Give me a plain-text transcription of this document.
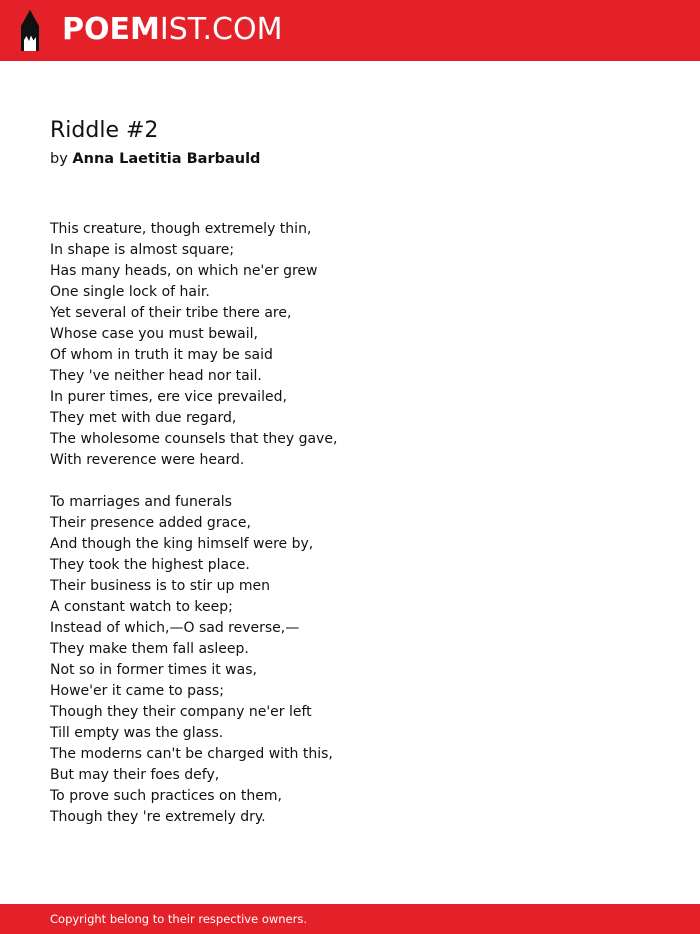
POEMIST.COM
Riddle #2
by Anna Laetitia Barbauld
This creature, though extremely thin,
In shape is almost square;
Has many heads, on which ne'er grew
One single lock of hair.
Yet several of their tribe there are,
Whose case you must bewail,
Of whom in truth it may be said
They 've neither head nor tail.
In purer times, ere vice prevailed,
They met with due regard,
The wholesome counsels that they gave,
With reverence were heard.
To marriages and funerals
Their presence added grace,
And though the king himself were by,
They took the highest place.
Their business is to stir up men
A constant watch to keep;
Instead of which,—O sad reverse,—
They make them fall asleep.
Not so in former times it was,
Howe'er it came to pass;
Though they their company ne'er left
Till empty was the glass.
The moderns can't be charged with this,
But may their foes defy,
To prove such practices on them,
Though they 're extremely dry.
Copyright belong to their respective owners.
